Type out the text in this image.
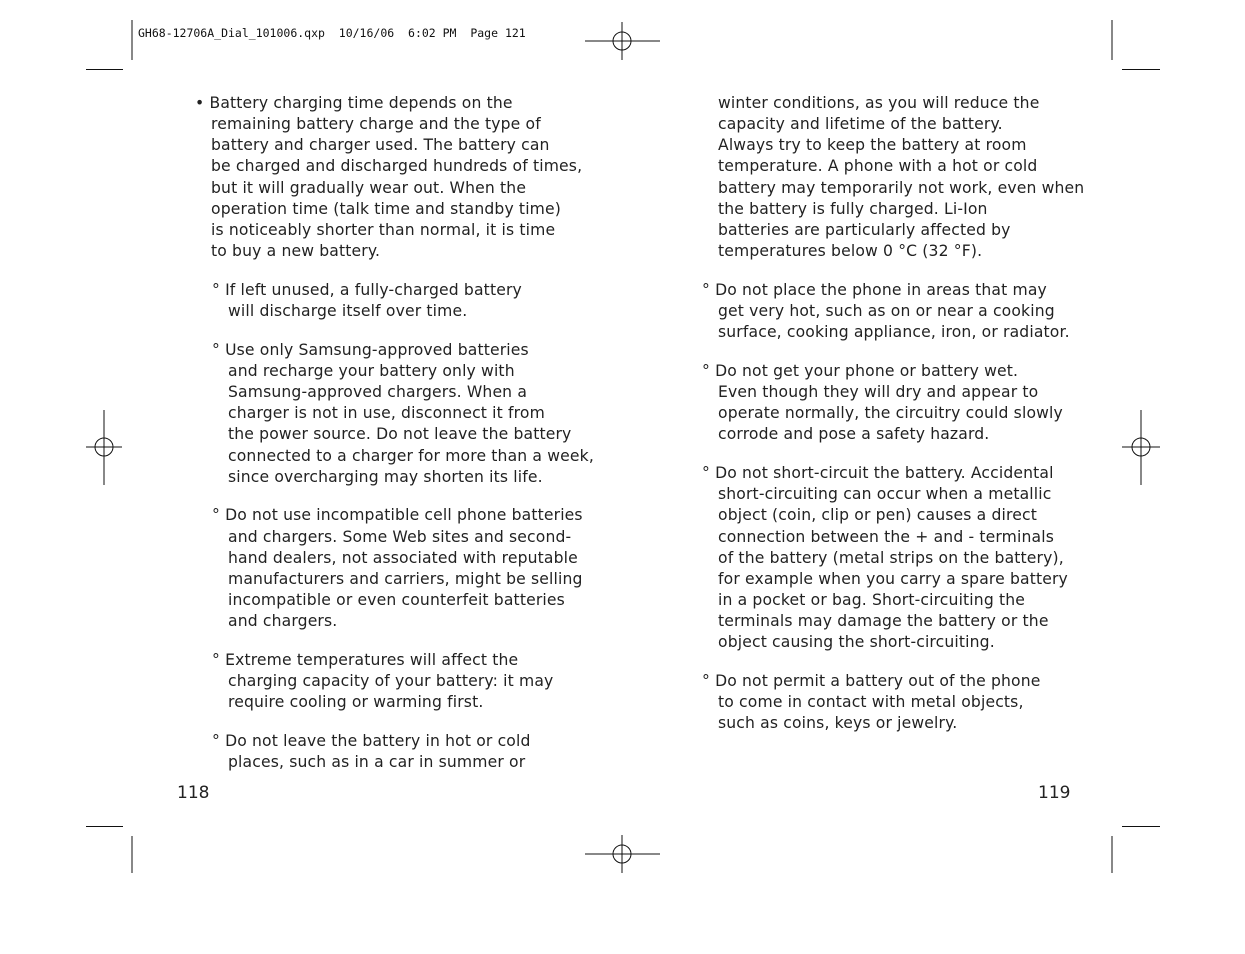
GH68-12706A_Dial_101006.qxp  10/16/06  6:02 PM  Page 121

• Battery charging time depends on the
remaining battery charge and the type of
battery and charger used. The battery can
be charged and discharged hundreds of times,
but it will gradually wear out. When the
operation time (talk time and standby time)
is noticeably shorter than normal, it is time
to buy a new battery.

° If left unused, a fully-charged battery
will discharge itself over time.

° Use only Samsung-approved batteries
and recharge your battery only with
Samsung-approved chargers. When a
charger is not in use, disconnect it from
the power source. Do not leave the battery
connected to a charger for more than a week,
since overcharging may shorten its life.

° Do not use incompatible cell phone batteries
and chargers. Some Web sites and second-
hand dealers, not associated with reputable
manufacturers and carriers, might be selling
incompatible or even counterfeit batteries
and chargers.

° Extreme temperatures will affect the
charging capacity of your battery: it may
require cooling or warming first.

° Do not leave the battery in hot or cold
places, such as in a car in summer or

118

winter conditions, as you will reduce the
capacity and lifetime of the battery.
Always try to keep the battery at room
temperature. A phone with a hot or cold
battery may temporarily not work, even when
the battery is fully charged. Li-Ion
batteries are particularly affected by
temperatures below 0 °C (32 °F).

° Do not place the phone in areas that may
get very hot, such as on or near a cooking
surface, cooking appliance, iron, or radiator.

° Do not get your phone or battery wet.
Even though they will dry and appear to
operate normally, the circuitry could slowly
corrode and pose a safety hazard.

° Do not short-circuit the battery. Accidental
short-circuiting can occur when a metallic
object (coin, clip or pen) causes a direct
connection between the + and - terminals
of the battery (metal strips on the battery),
for example when you carry a spare battery
in a pocket or bag. Short-circuiting the
terminals may damage the battery or the
object causing the short-circuiting.

° Do not permit a battery out of the phone
to come in contact with metal objects,
such as coins, keys or jewelry.

119
